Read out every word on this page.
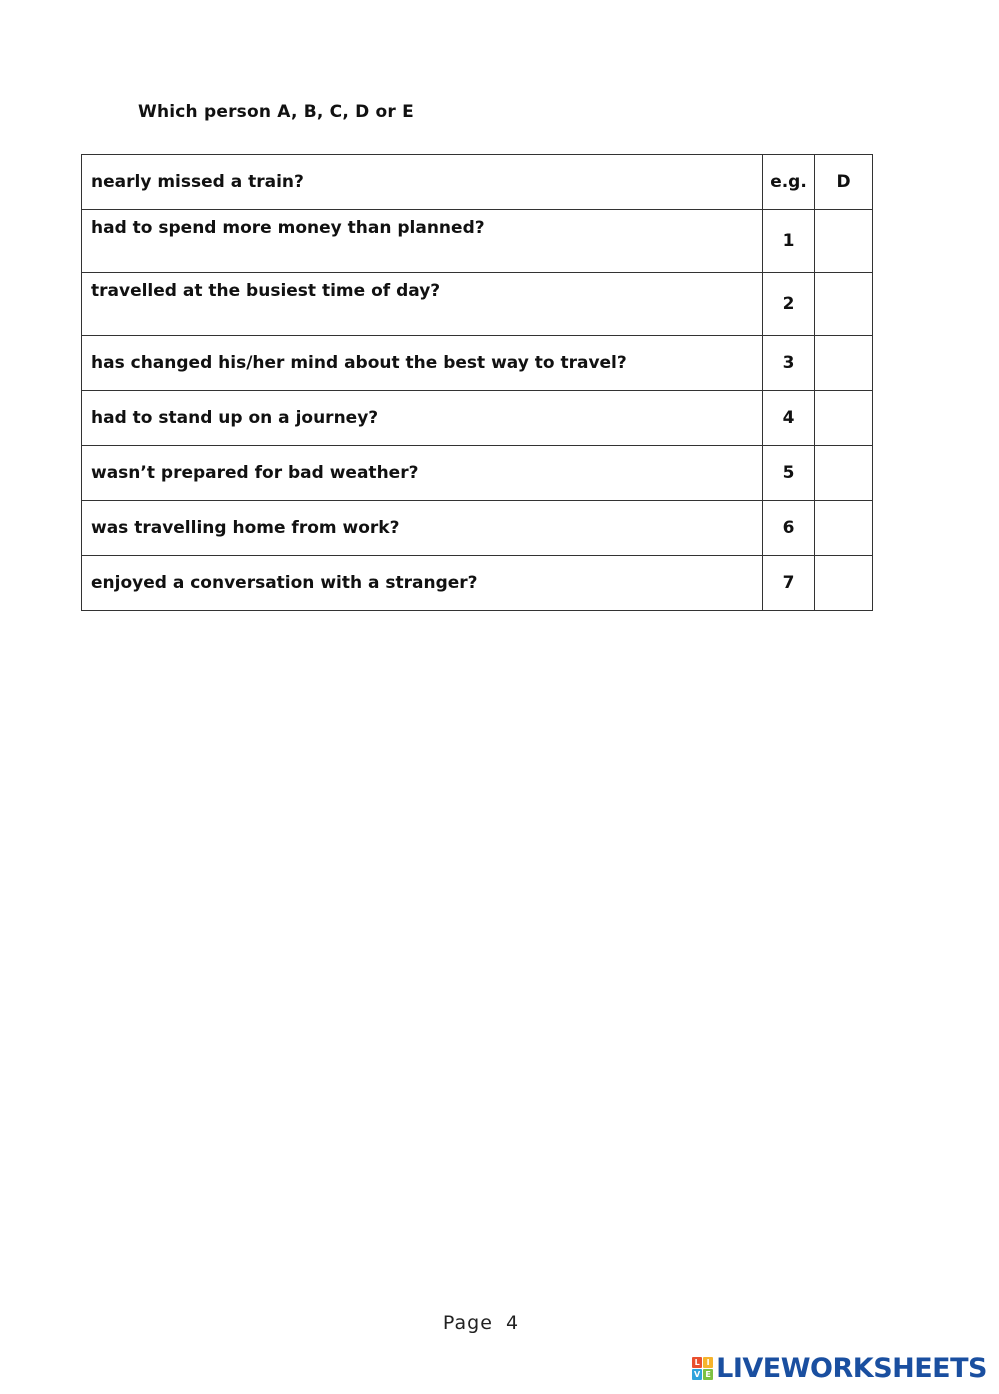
Which person A, B, C, D or E
nearly missed a train?	e.g.	D
had to spend more money than planned?	1	
travelled at the busiest time of day?	2	
has changed his/her mind about the best way to travel?	3	
had to stand up on a journey?	4	
wasn’t prepared for bad weather?	5	
was travelling home from work?	6	
enjoyed a conversation with a stranger?	7	
Page 4
L I
V E LIVEWORKSHEETS
